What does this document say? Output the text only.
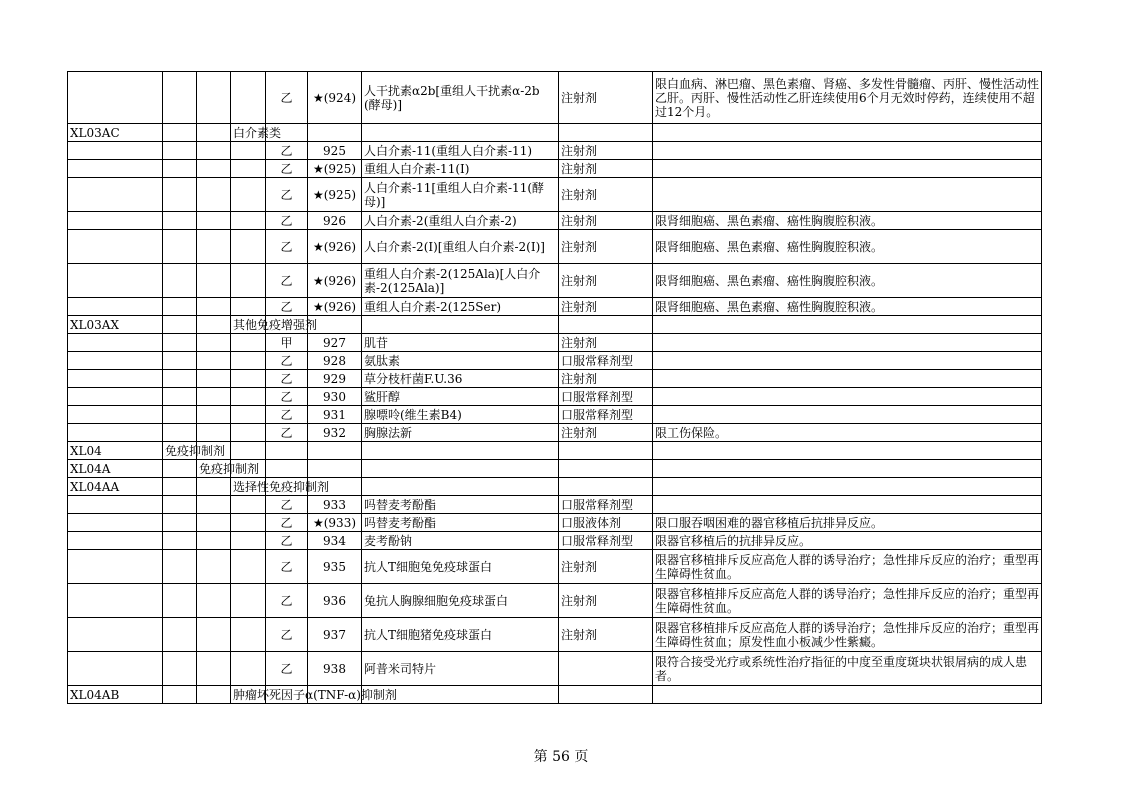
				乙	★(924)	人干扰素α2b[重组人干扰素α-2b(酵母)]	注射剂	限白血病、淋巴瘤、黑色素瘤、肾癌、多发性骨髓瘤、丙肝、慢性活动性乙肝。丙肝、慢性活动性乙肝连续使用6个月无效时停药，连续使用不超过12个月。
XL03AC			白介素类					
				乙	925	人白介素-11(重组人白介素-11)	注射剂	
				乙	★(925)	重组人白介素-11(Ⅰ)	注射剂	
				乙	★(925)	人白介素-11[重组人白介素-11(酵母)]	注射剂	
				乙	926	人白介素-2(重组人白介素-2)	注射剂	限肾细胞癌、黑色素瘤、癌性胸腹腔积液。
				乙	★(926)	人白介素-2(Ⅰ)[重组人白介素-2(Ⅰ)]	注射剂	限肾细胞癌、黑色素瘤、癌性胸腹腔积液。
				乙	★(926)	重组人白介素-2(125Ala)[人白介素-2(125Ala)]	注射剂	限肾细胞癌、黑色素瘤、癌性胸腹腔积液。
				乙	★(926)	重组人白介素-2(125Ser)	注射剂	限肾细胞癌、黑色素瘤、癌性胸腹腔积液。
XL03AX			其他免疫增强剂					
				甲	927	肌苷	注射剂	
				乙	928	氨肽素	口服常释剂型	
				乙	929	草分枝杆菌F.U.36	注射剂	
				乙	930	鲨肝醇	口服常释剂型	
				乙	931	腺嘌呤(维生素B4)	口服常释剂型	
				乙	932	胸腺法新	注射剂	限工伤保险。
XL04	免疫抑制剂							
XL04A		免疫抑制剂						
XL04AA			选择性免疫抑制剂					
				乙	933	吗替麦考酚酯	口服常释剂型	
				乙	★(933)	吗替麦考酚酯	口服液体剂	限口服吞咽困难的器官移植后抗排异反应。
				乙	934	麦考酚钠	口服常释剂型	限器官移植后的抗排异反应。
				乙	935	抗人T细胞兔免疫球蛋白	注射剂	限器官移植排斥反应高危人群的诱导治疗；急性排斥反应的治疗；重型再生障碍性贫血。
				乙	936	兔抗人胸腺细胞免疫球蛋白	注射剂	限器官移植排斥反应高危人群的诱导治疗；急性排斥反应的治疗；重型再生障碍性贫血。
				乙	937	抗人T细胞猪免疫球蛋白	注射剂	限器官移植排斥反应高危人群的诱导治疗；急性排斥反应的治疗；重型再生障碍性贫血；原发性血小板减少性紫癜。
				乙	938	阿普米司特片		限符合接受光疗或系统性治疗指征的中度至重度斑块状银屑病的成人患者。
XL04AB			肿瘤坏死因子α(TNF-α)抑制剂					
第 56 页
